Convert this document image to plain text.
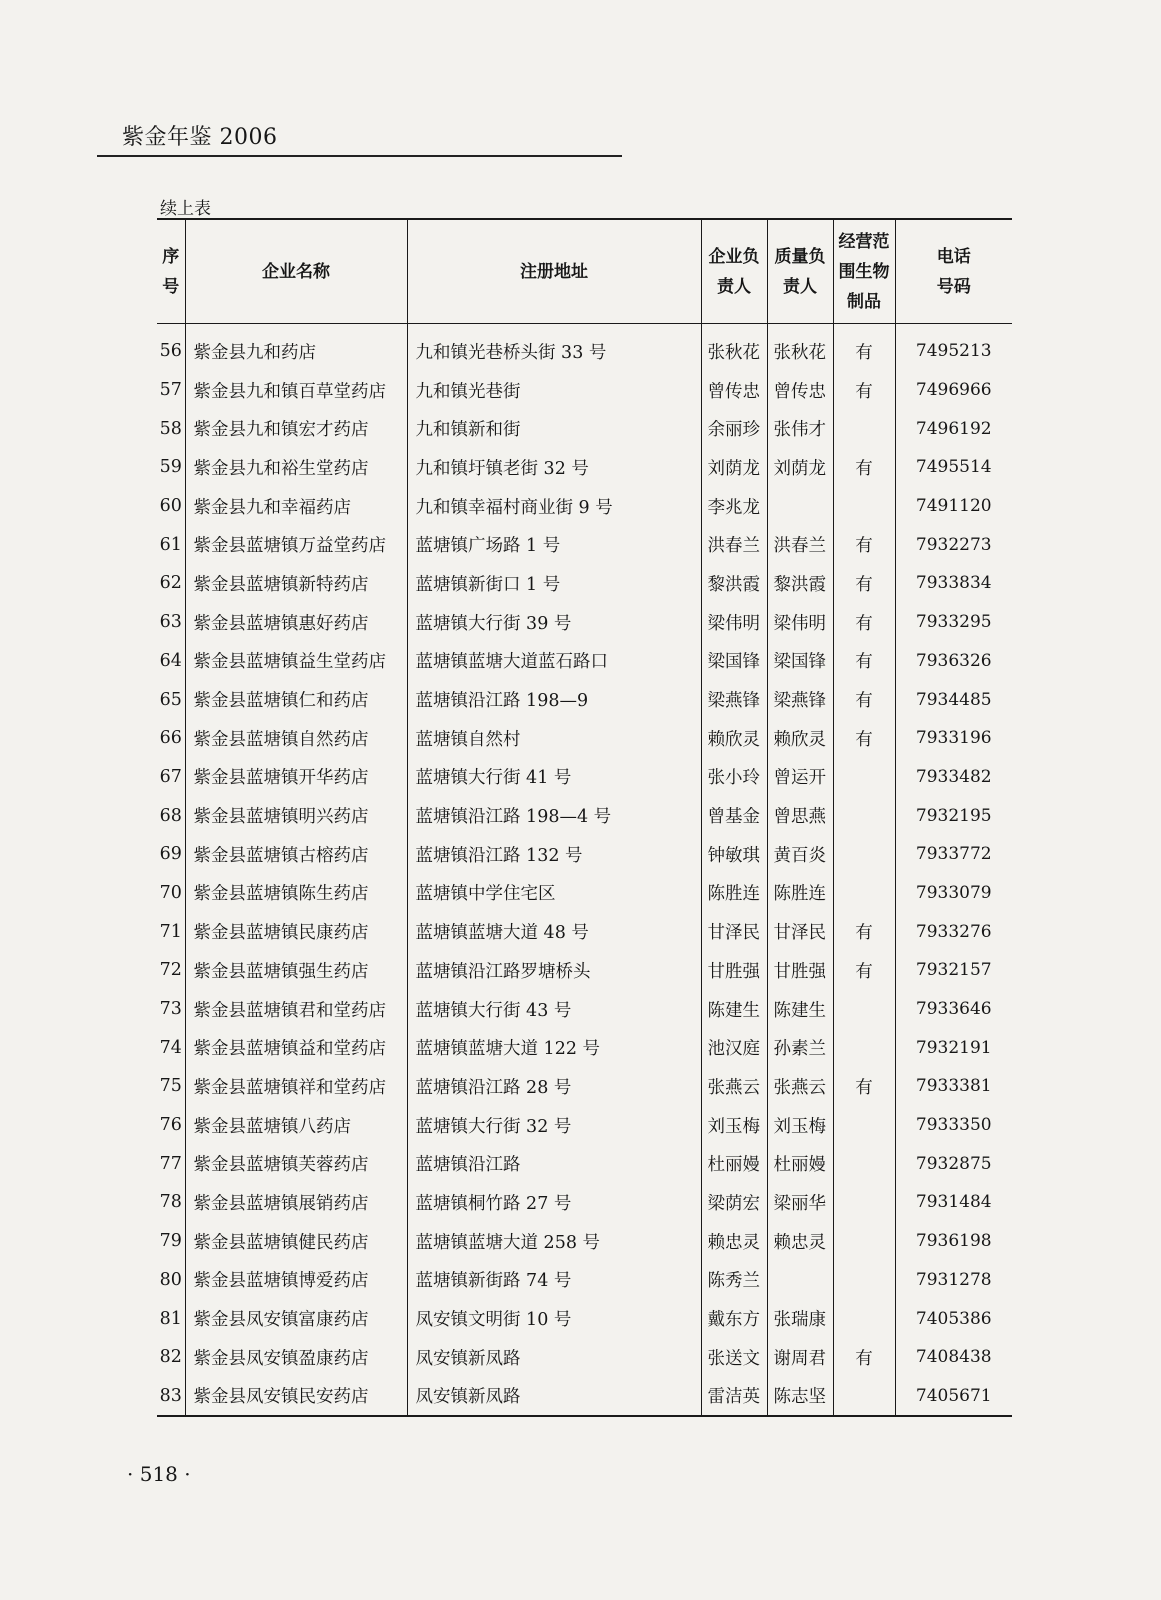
紫金年鉴 2006
续上表
序号	企业名称	注册地址	企业负责人	质量负责人	经营范围生物制品	电话号码
56	紫金县九和药店	九和镇光巷桥头街 33 号	张秋花	张秋花	有	7495213
57	紫金县九和镇百草堂药店	九和镇光巷街	曾传忠	曾传忠	有	7496966
58	紫金县九和镇宏才药店	九和镇新和街	余丽珍	张伟才		7496192
59	紫金县九和裕生堂药店	九和镇圩镇老街 32 号	刘荫龙	刘荫龙	有	7495514
60	紫金县九和幸福药店	九和镇幸福村商业街 9 号	李兆龙			7491120
61	紫金县蓝塘镇万益堂药店	蓝塘镇广场路 1 号	洪春兰	洪春兰	有	7932273
62	紫金县蓝塘镇新特药店	蓝塘镇新街口 1 号	黎洪霞	黎洪霞	有	7933834
63	紫金县蓝塘镇惠好药店	蓝塘镇大行街 39 号	梁伟明	梁伟明	有	7933295
64	紫金县蓝塘镇益生堂药店	蓝塘镇蓝塘大道蓝石路口	梁国锋	梁国锋	有	7936326
65	紫金县蓝塘镇仁和药店	蓝塘镇沿江路 198—9	梁燕锋	梁燕锋	有	7934485
66	紫金县蓝塘镇自然药店	蓝塘镇自然村	赖欣灵	赖欣灵	有	7933196
67	紫金县蓝塘镇开华药店	蓝塘镇大行街 41 号	张小玲	曾运开		7933482
68	紫金县蓝塘镇明兴药店	蓝塘镇沿江路 198—4 号	曾基金	曾思燕		7932195
69	紫金县蓝塘镇古榕药店	蓝塘镇沿江路 132 号	钟敏琪	黄百炎		7933772
70	紫金县蓝塘镇陈生药店	蓝塘镇中学住宅区	陈胜连	陈胜连		7933079
71	紫金县蓝塘镇民康药店	蓝塘镇蓝塘大道 48 号	甘泽民	甘泽民	有	7933276
72	紫金县蓝塘镇强生药店	蓝塘镇沿江路罗塘桥头	甘胜强	甘胜强	有	7932157
73	紫金县蓝塘镇君和堂药店	蓝塘镇大行街 43 号	陈建生	陈建生		7933646
74	紫金县蓝塘镇益和堂药店	蓝塘镇蓝塘大道 122 号	池汉庭	孙素兰		7932191
75	紫金县蓝塘镇祥和堂药店	蓝塘镇沿江路 28 号	张燕云	张燕云	有	7933381
76	紫金县蓝塘镇八药店	蓝塘镇大行街 32 号	刘玉梅	刘玉梅		7933350
77	紫金县蓝塘镇芙蓉药店	蓝塘镇沿江路	杜丽嫚	杜丽嫚		7932875
78	紫金县蓝塘镇展销药店	蓝塘镇桐竹路 27 号	梁荫宏	梁丽华		7931484
79	紫金县蓝塘镇健民药店	蓝塘镇蓝塘大道 258 号	赖忠灵	赖忠灵		7936198
80	紫金县蓝塘镇博爱药店	蓝塘镇新街路 74 号	陈秀兰			7931278
81	紫金县凤安镇富康药店	凤安镇文明街 10 号	戴东方	张瑞康		7405386
82	紫金县凤安镇盈康药店	凤安镇新凤路	张送文	谢周君	有	7408438
83	紫金县凤安镇民安药店	凤安镇新凤路	雷洁英	陈志坚		7405671
· 518 ·
